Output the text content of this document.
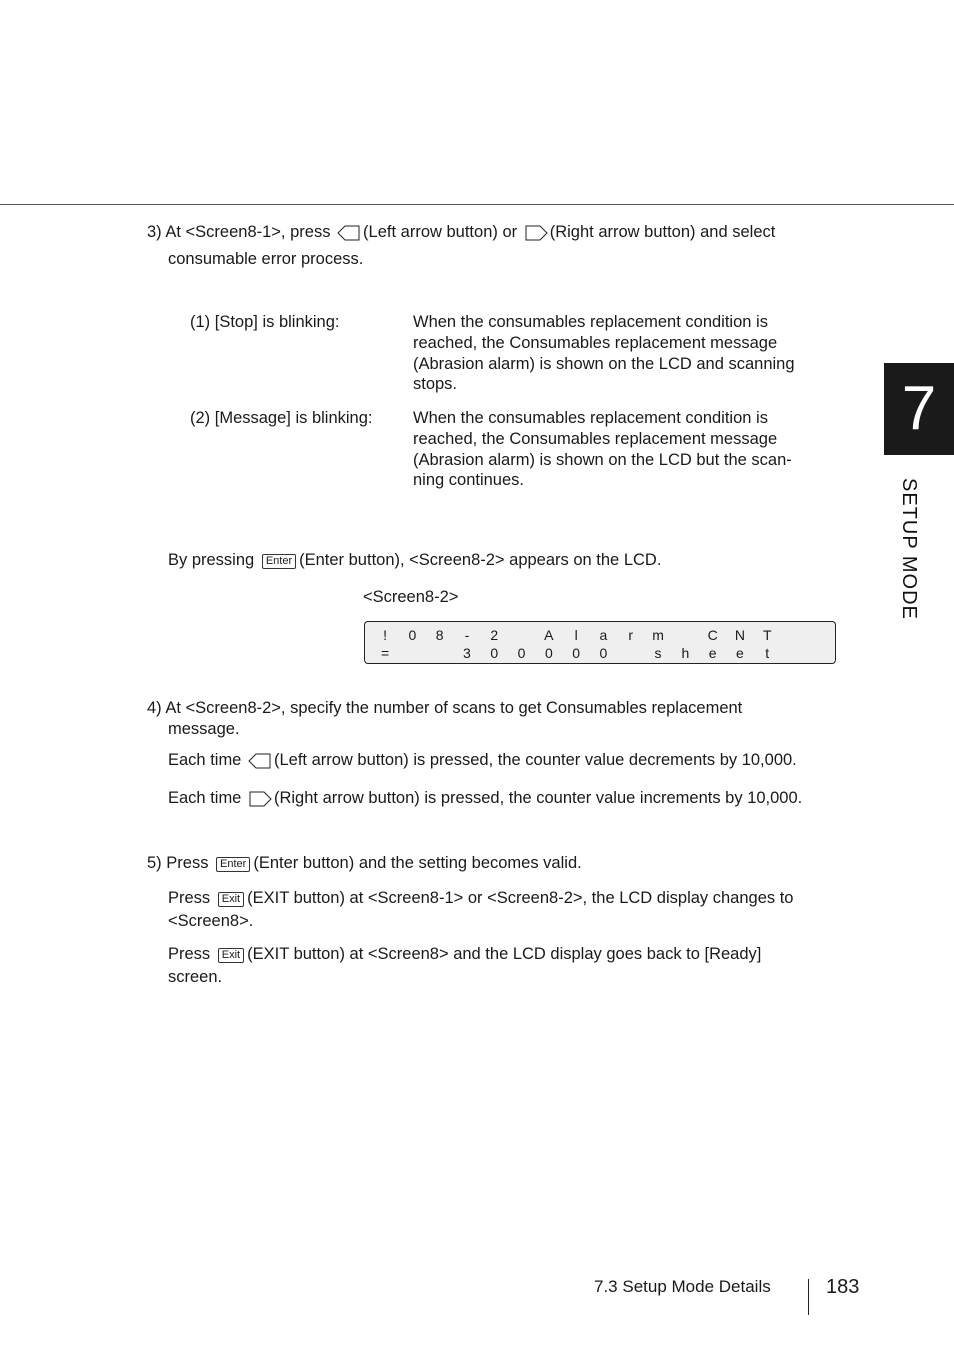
3) At <Screen8-1>, press (Left arrow button) or (Right arrow button) and select
consumable error process.
(1) [Stop] is blinking:	When the consumables replacement condition is
reached, the Consumables replacement message
(Abrasion alarm) is shown on the LCD and scanning
stops.
(2) [Message] is blinking: When the consumables replacement condition is
reached, the Consumables replacement message
(Abrasion alarm) is shown on the LCD but the scan-
ning continues.
By pressing Enter (Enter button), <Screen8-2> appears on the LCD.
<Screen8-2>
!	0	8	-	2	A	l	a	r	m	C	N	T
=	3	0	0	0	0	0	s	h	e	e	t
4) At <Screen8-2>, specify the number of scans to get Consumables replacement
message.
Each time (Left arrow button) is pressed, the counter value decrements by 10,000.
Each time (Right arrow button) is pressed, the counter value increments by 10,000.
5) Press Enter (Enter button) and the setting becomes valid.
Press Exit (EXIT button) at <Screen8-1> or <Screen8-2>, the LCD display changes to
<Screen8>.
Press Exit (EXIT button) at <Screen8> and the LCD display goes back to [Ready]
screen.
7
SETUP MODE
7.3 Setup Mode Details	183
